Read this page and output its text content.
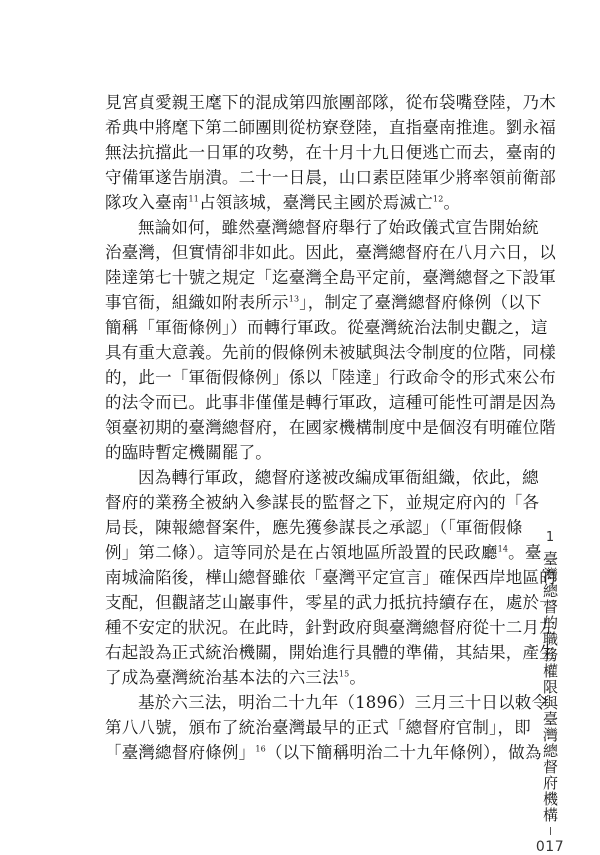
見宮貞愛親王麾下的混成第四旅團部隊，從布袋嘴登陸，乃木
希典中將麾下第二師團則從枋寮登陸，直指臺南推進。劉永福
無法抗擋此一日軍的攻勢，在十月十九日便逃亡而去，臺南的
守備軍遂告崩潰。二十一日晨，山口素臣陸軍少將率領前衛部
隊攻入臺南$^{11}$占領該城，臺灣民主國於焉滅亡$^{12}$。
無論如何，雖然臺灣總督府舉行了始政儀式宣告開始統
治臺灣，但實情卻非如此。因此，臺灣總督府在八月六日，以
陸達第七十號之規定「迄臺灣全島平定前，臺灣總督之下設軍
事官衙，組織如附表所示$^{13}$」，制定了臺灣總督府條例（以下
簡稱「軍衙條例」）而轉行軍政。從臺灣統治法制史觀之，這
具有重大意義。先前的假條例未被賦與法令制度的位階，同樣
的，此一「軍衙假條例」係以「陸達」行政命令的形式來公布
的法令而已。此事非僅僅是轉行軍政，這種可能性可謂是因為
領臺初期的臺灣總督府，在國家機構制度中是個沒有明確位階
的臨時暫定機關罷了。
因為轉行軍政，總督府遂被改編成軍衙組織，依此，總
督府的業務全被納入參謀長的監督之下，並規定府內的「各
局長，陳報總督案件，應先獲參謀長之承認」（「軍衙假條
例」第二條）。這等同於是在占領地區所設置的民政廳$^{14}$。臺
南城淪陷後，樺山總督雖依「臺灣平定宣言」確保西岸地區的
支配，但觀諸芝山巖事件，零星的武力抵抗持續存在，處於一
種不安定的狀況。在此時，針對政府與臺灣總督府從十二月左
右起設為正式統治機關，開始進行具體的準備，其結果，產生
了成為臺灣統治基本法的六三法$^{15}$。
基於六三法，明治二十九年（1896）三月三十日以敕令
第八八號，頒布了統治臺灣最早的正式「總督府官制」，即
「臺灣總督府條例」$^{16}$（以下簡稱明治二十九年條例），做為
1
臺灣總督的職務權限與臺灣總督府機構
017
